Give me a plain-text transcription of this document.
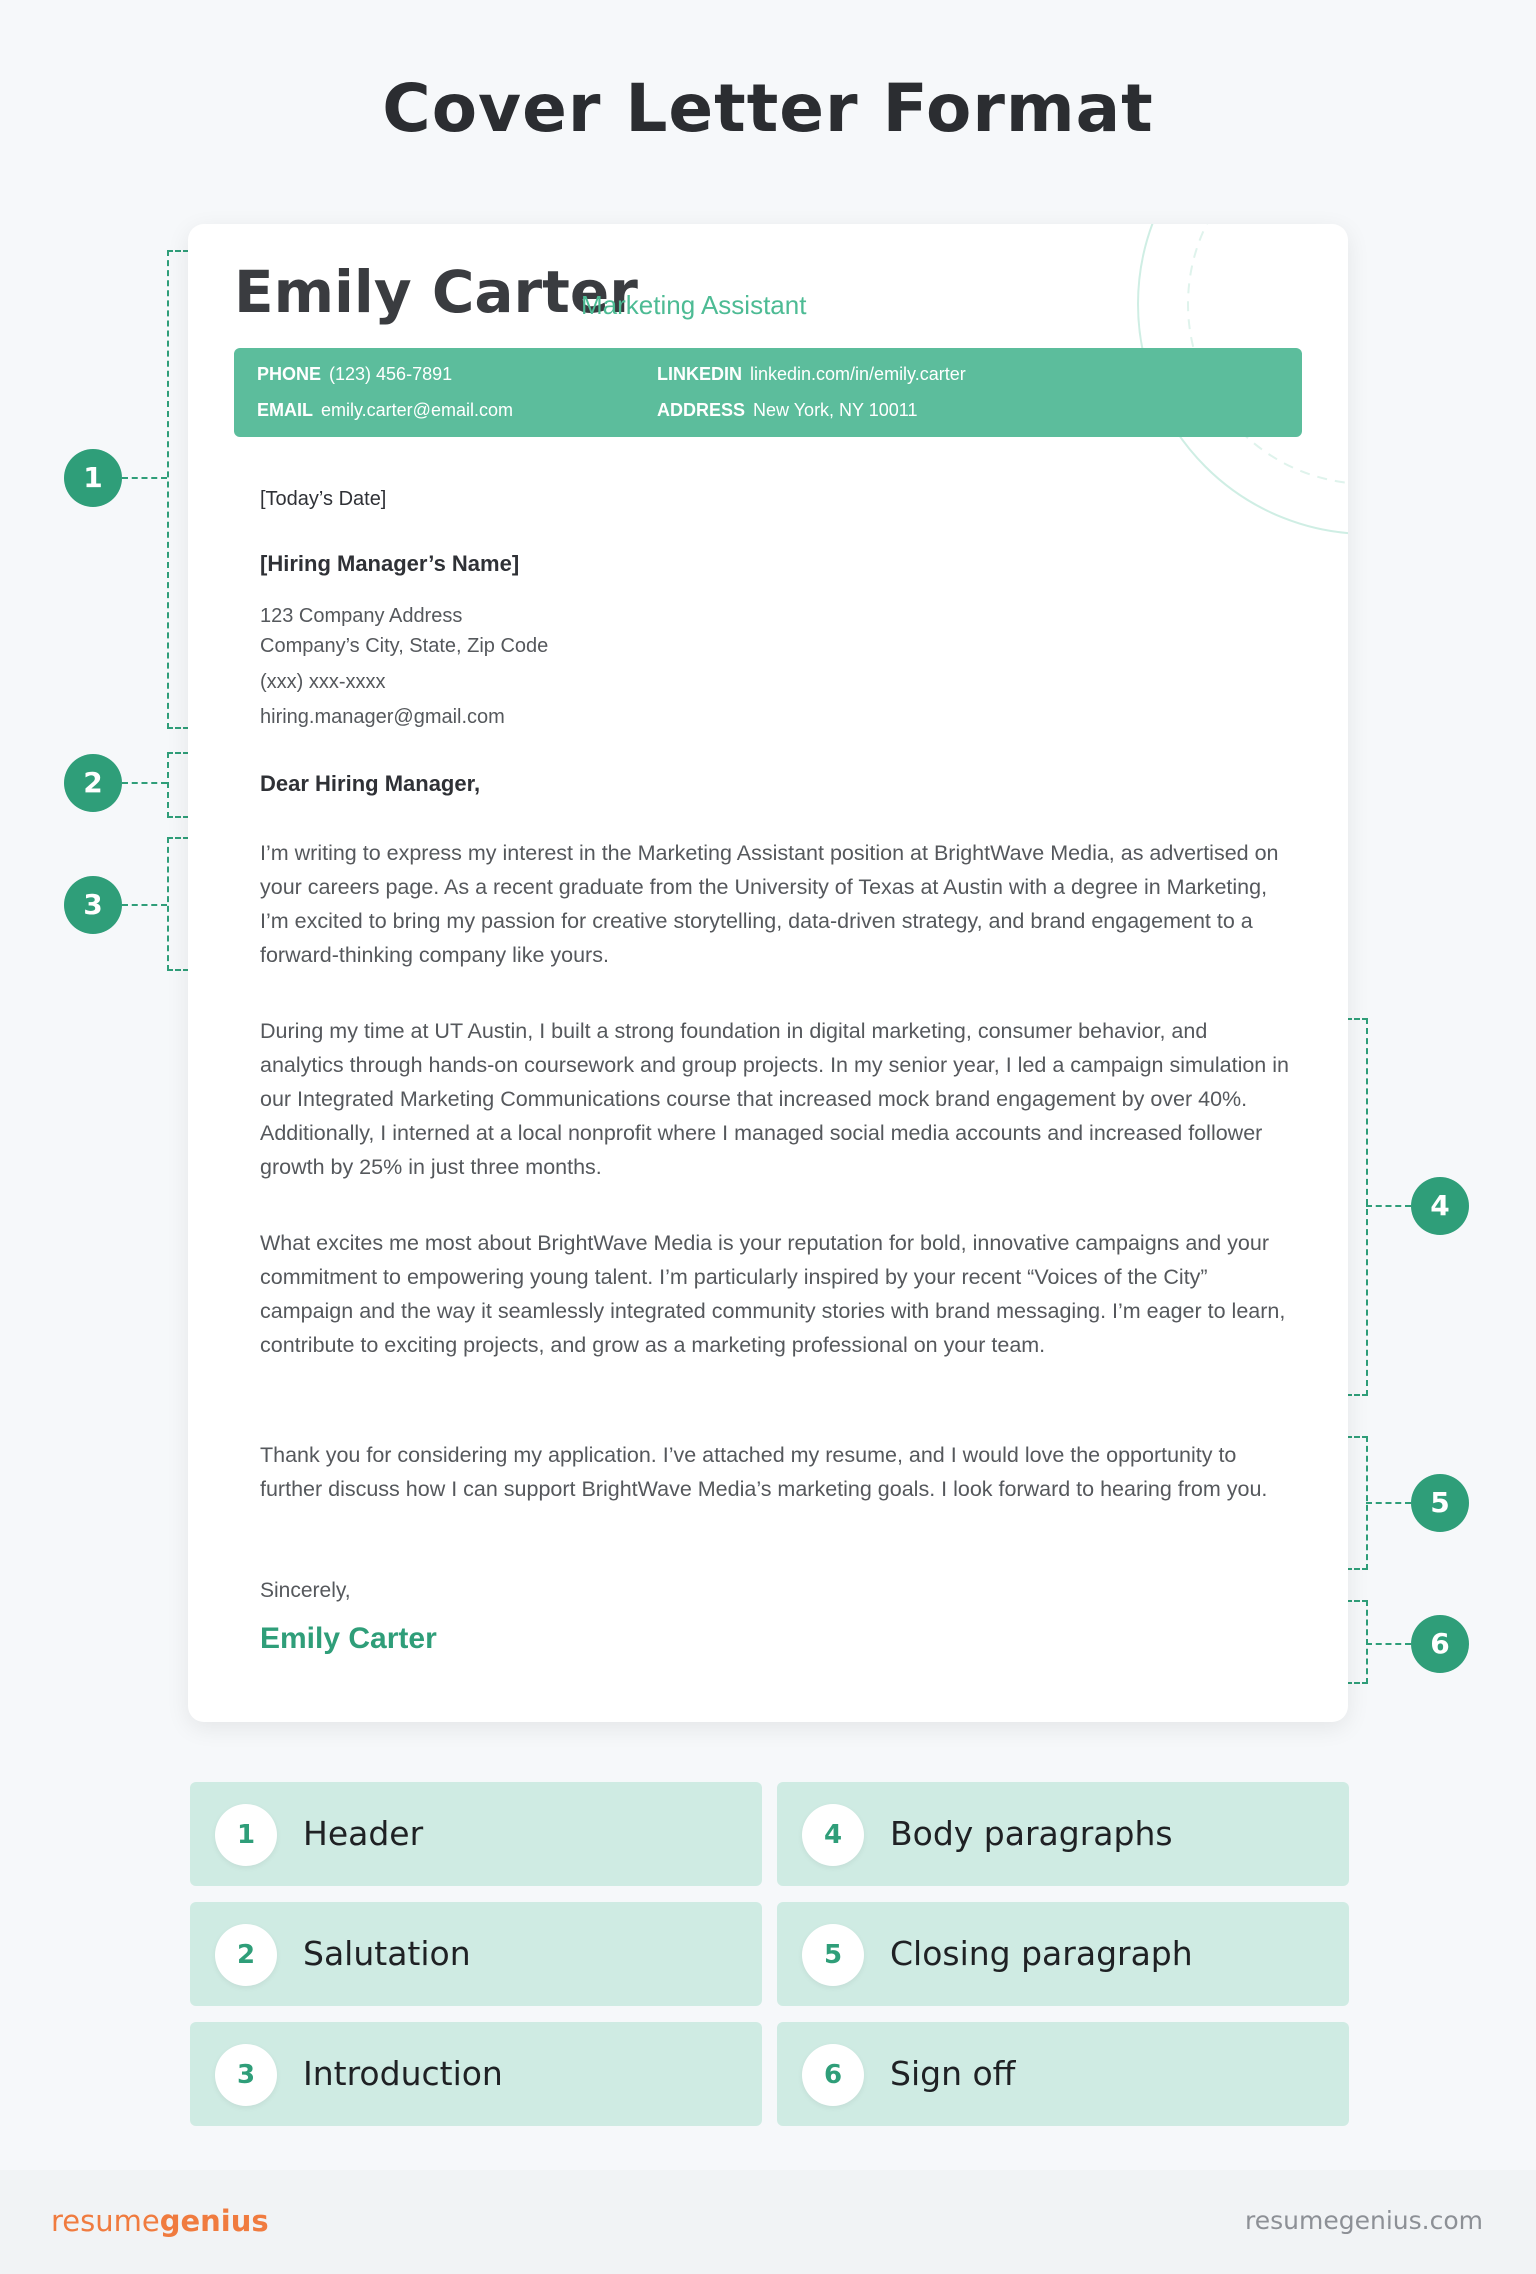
Cover Letter Format
1
2
3
4
5
6
Emily Carter
Marketing Assistant
PHONE (123) 456-7891
EMAIL emily.carter@email.com
LINKEDIN linkedin.com/in/emily.carter
ADDRESS New York, NY 10011
[Today’s Date]
[Hiring Manager’s Name]
123 Company Address
Company’s City, State, Zip Code
(xxx) xxx-xxxx
hiring.manager@gmail.com
Dear Hiring Manager,

I’m writing to express my interest in the Marketing Assistant position at BrightWave Media, as advertised on your careers page. As a recent graduate from the University of Texas at Austin with a degree in Marketing, I’m excited to bring my passion for creative storytelling, data-driven strategy, and brand engagement to a forward-thinking company like yours.

During my time at UT Austin, I built a strong foundation in digital marketing, consumer behavior, and analytics through hands-on coursework and group projects. In my senior year, I led a campaign simulation in our Integrated Marketing Communications course that increased mock brand engagement by over 40%. Additionally, I interned at a local nonprofit where I managed social media accounts and increased follower growth by 25% in just three months.

What excites me most about BrightWave Media is your reputation for bold, innovative campaigns and your commitment to empowering young talent. I’m particularly inspired by your recent “Voices of the City” campaign and the way it seamlessly integrated community stories with brand messaging. I’m eager to learn, contribute to exciting projects, and grow as a marketing professional on your team.

Thank you for considering my application. I’ve attached my resume, and I would love the opportunity to further discuss how I can support BrightWave Media’s marketing goals. I look forward to hearing from you.

Sincerely,
Emily Carter
1	Header	4	Body paragraphs
2	Salutation	5	Closing paragraph
3	Introduction	6	Sign off
resumegenius	resumegenius.com
